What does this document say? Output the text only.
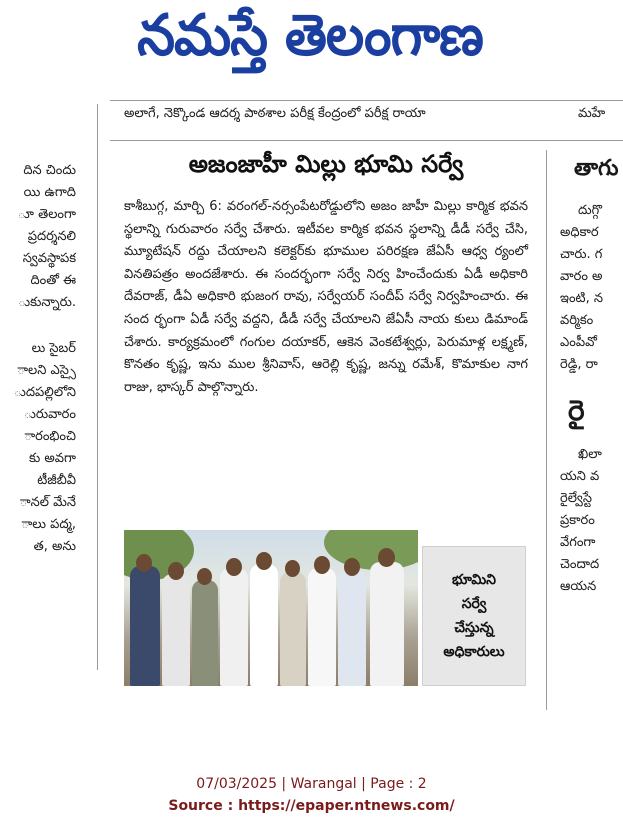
నమస్తే తెలంగాణ
అలాగే, నెక్కొండ ఆదర్శ పాఠశాల పరీక్ష కేంద్రంలో పరీక్ష రాయా	మహే
దిన చిందు
యి ఉగాది
ూ తెలంగా
ప్రదర్శనలి
స్వవస్థాపక
దింతో ఈ
ుకున్నారు.
లు సైబర్
ాలని ఎస్సై
ుదపల్లిలోని
ురువారం
ారంభించి
కు అవగా
టీజీబీవీ
ానల్ మేనే
ాలు పద్మ,
త, అను
అజంజాహీ మిల్లు భూమి సర్వే

కాశీబుగ్గ, మార్చి 6: వరంగల్-నర్సంపేటరోడ్డులోని అజం జాహీ మిల్లు కార్మిక భవన స్థలాన్ని గురువారం సర్వే చేశారు. ఇటీవల కార్మిక భవన స్థలాన్ని డీడీ సర్వే చేసి, మ్యూటేషన్ రద్దు చేయాలని కలెక్టర్‌కు భూముల పరిరక్షణ జేఏసీ ఆధ్వ ర్యంలో వినతిపత్రం అందజేశారు. ఈ సందర్భంగా సర్వే నిర్వ హించేందుకు ఏడీ అధికారి దేవరాజ్, డీఏ అధికారి భుజంగ రావు, సర్వేయర్ సందీప్ సర్వే నిర్వహించారు. ఈ సంద ర్భంగా ఏడీ సర్వే వద్దని, డీడీ సర్వే చేయాలని జేఏసీ నాయ కులు డిమాండ్ చేశారు. కార్యక్రమంలో గంగుల దయాకర్, ఆకెన వెంకటేశ్వర్లు, పెరుమాళ్ల లక్ష్మణ్, కొనతం కృష్ణ, ఇను ముల శ్రీనివాస్, ఆరెల్లి కృష్ణ, జన్ను రమేశ్, కొమాకుల నాగ రాజు, భాస్కర్ పాల్గొన్నారు.

భూమిని
సర్వే
చేస్తున్న
అధికారులు
తాగు
దుగ్గొ
అధికార
చారు. గ
వారం అ
ఇంటి, న
వర్మికం
ఎంపీవో
రెడ్డి, రా
రై
ఖిలా
యని వ
రైల్వేస్టే
ప్రకారం
వేగంగా
చెందాద
ఆయన
07/03/2025 | Warangal | Page : 2
Source : https://epaper.ntnews.com/
